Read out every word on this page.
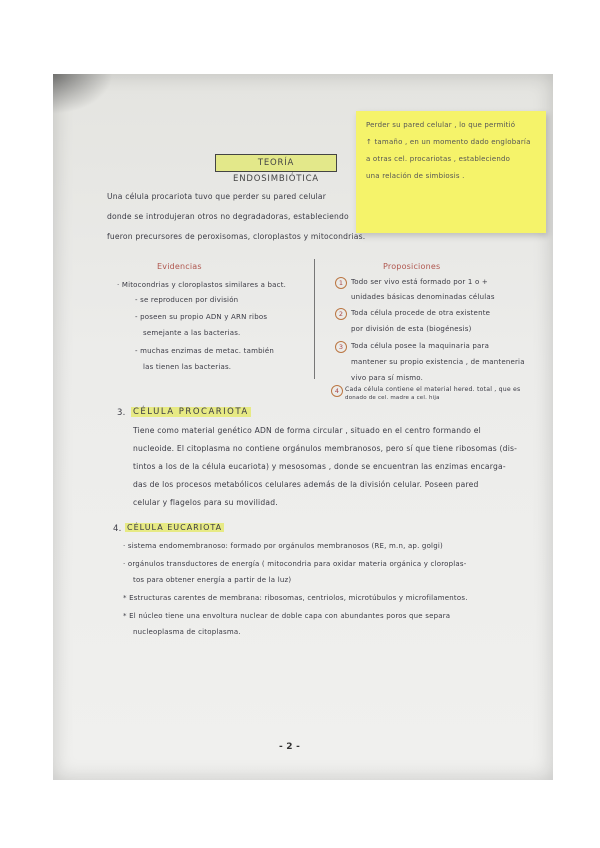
TEORÍA ENDOSIMBIÓTICA
Perder su pared celular , lo que permitió
↑ tamaño , en un momento dado englobaría
a otras cel. procariotas , estableciendo
una relación de simbiosis .
Una célula procariota tuvo que perder su pared celular
donde se introdujeran otros no degradadoras, estableciendo
fueron precursores de peroxisomas, cloroplastos y mitocondrias.
Evidencias
· Mitocondrias y cloroplastos similares a bact.
- se reproducen por división
- poseen su propio ADN y ARN ribos
semejante a las bacterias.
- muchas enzimas de metac. también
las tienen las bacterias.
Proposiciones
1	Todo ser vivo está formado por 1 o +
unidades básicas denominadas células
2	Toda célula procede de otra existente
por división de esta (biogénesis)
3	Toda célula posee la maquinaria para
mantener su propio existencia , de manteneria
vivo para sí mismo.
4 Cada célula contiene el material hered. total , que es
donado de cel. madre a cel. hija
3. CÉLULA PROCARIOTA
Tiene como material genético ADN de forma circular , situado en el centro formando el
nucleoide. El citoplasma no contiene orgánulos membranosos, pero sí que tiene ribosomas (dis-
tintos a los de la célula eucariota) y mesosomas , donde se encuentran las enzimas encarga-
das de los procesos metabólicos celulares además de la división celular. Poseen pared
celular y flagelos para su movilidad.
4. CÉLULA EUCARIOTA
· sistema endomembranoso: formado por orgánulos membranosos (RE, m.n, ap. golgi)
· orgánulos transductores de energía ( mitocondria para oxidar materia orgánica y cloroplas-
tos para obtener energía a partir de la luz)
* Estructuras carentes de membrana: ribosomas, centriolos, microtúbulos y microfilamentos.
* El núcleo tiene una envoltura nuclear de doble capa con abundantes poros que separa
nucleoplasma de citoplasma.
- 2 -
